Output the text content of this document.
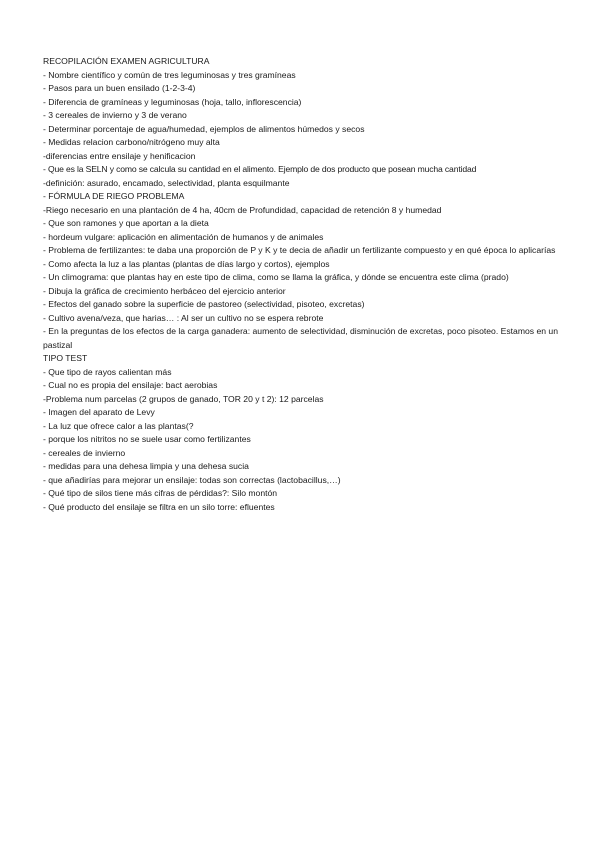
RECOPILACIÓN EXAMEN AGRICULTURA

- Nombre científico y común de tres leguminosas y tres gramíneas

- Pasos para un buen ensilado (1-2-3-4)

- Diferencia de gramíneas y leguminosas (hoja, tallo, inflorescencia)

- 3 cereales de invierno y 3 de verano

- Determinar porcentaje de agua/humedad, ejemplos de alimentos húmedos y secos

- Medidas relacion carbono/nitrógeno muy alta

-diferencias entre ensilaje y henificacion

- Que es la SELN y como se calcula su cantidad en el alimento. Ejemplo de dos producto que posean mucha cantidad

-definición: asurado, encamado, selectividad, planta esquilmante

- FÓRMULA DE RIEGO PROBLEMA

-Riego necesario en una plantación de 4 ha, 40cm de Profundidad, capacidad de retención 8 y humedad

- Que son ramones y que aportan a la dieta

- hordeum vulgare: aplicación en alimentación de humanos y de animales

- Problema de fertilizantes: te daba una proporción de P y K y te decia de añadir un fertilizante compuesto y en qué época lo aplicarías

- Como afecta la luz a las plantas (plantas de días largo y cortos), ejemplos

- Un climograma: que plantas hay en este tipo de clima, como se llama la gráfica, y dónde se encuentra este clima (prado)

- Dibuja la gráfica de crecimiento herbáceo del ejercicio anterior

- Efectos del ganado sobre la superficie de pastoreo (selectividad, pisoteo, excretas)

- Cultivo avena/veza, que harias… : Al ser un cultivo no se espera rebrote

- En la preguntas de los efectos de la carga ganadera: aumento de selectividad, disminución de excretas, poco pisoteo. Estamos en un pastizal

TIPO TEST

- Que tipo de rayos calientan más

- Cual no es propia del ensilaje: bact aerobias

-Problema num parcelas (2 grupos de ganado, TOR 20 y t 2): 12 parcelas

- Imagen del aparato de Levy

- La luz que ofrece calor a las plantas(?

- porque los nitritos no se suele usar como fertilizantes

- cereales de invierno

- medidas para una dehesa limpia y una dehesa sucia

- que añadirías para mejorar un ensilaje: todas son correctas (lactobacillus,…)

- Qué tipo de silos tiene más cifras de pérdidas?: Silo montón

- Qué producto del ensilaje se filtra en un silo torre: efluentes
